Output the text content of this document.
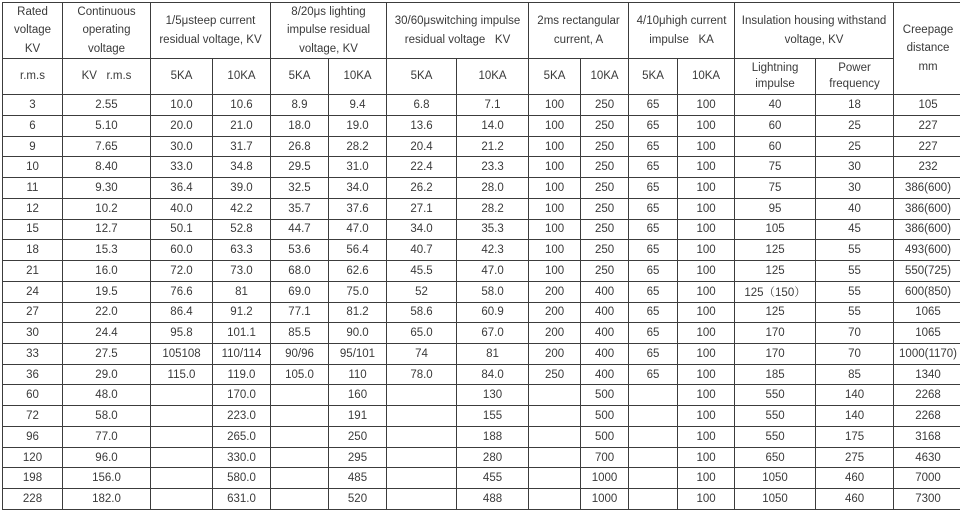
Rated voltage KV	Continuous operating voltage	1/5μsteep current residual voltage, KV		8/20μs lighting impulse residual voltage, KV		30/60μswitching impulse residual voltage   KV		2ms rectangular current, A		4/10μhigh current impulse   KA		Insulation housing withstand voltage, KV		Creepage distance mm
r.m.s	KV   r.m.s	5KA	10KA	5KA	10KA	5KA	10KA	5KA	10KA	5KA	10KA	Lightning impulse	Power frequency	
3	2.55	10.0	10.6	8.9	9.4	6.8	7.1	100	250	65	100	40	18	105
6	5.10	20.0	21.0	18.0	19.0	13.6	14.0	100	250	65	100	60	25	227
9	7.65	30.0	31.7	26.8	28.2	20.4	21.2	100	250	65	100	60	25	227
10	8.40	33.0	34.8	29.5	31.0	22.4	23.3	100	250	65	100	75	30	232
11	9.30	36.4	39.0	32.5	34.0	26.2	28.0	100	250	65	100	75	30	386(600)
12	10.2	40.0	42.2	35.7	37.6	27.1	28.2	100	250	65	100	95	40	386(600)
15	12.7	50.1	52.8	44.7	47.0	34.0	35.3	100	250	65	100	105	45	386(600)
18	15.3	60.0	63.3	53.6	56.4	40.7	42.3	100	250	65	100	125	55	493(600)
21	16.0	72.0	73.0	68.0	62.6	45.5	47.0	100	250	65	100	125	55	550(725)
24	19.5	76.6	81	69.0	75.0	52	58.0	200	400	65	100	125（150）	55	600(850)
27	22.0	86.4	91.2	77.1	81.2	58.6	60.9	200	400	65	100	125	55	1065
30	24.4	95.8	101.1	85.5	90.0	65.0	67.0	200	400	65	100	170	70	1065
33	27.5	105108	110/114	90/96	95/101	74	81	200	400	65	100	170	70	1000(1170)
36	29.0	115.0	119.0	105.0	110	78.0	84.0	250	400	65	100	185	85	1340
60	48.0		170.0		160		130		500		100	550	140	2268
72	58.0		223.0		191		155		500		100	550	140	2268
96	77.0		265.0		250		188		500		100	550	175	3168
120	96.0		330.0		295		280		700		100	650	275	4630
198	156.0		580.0		485		455		1000		100	1050	460	7000
228	182.0		631.0		520		488		1000		100	1050	460	7300
